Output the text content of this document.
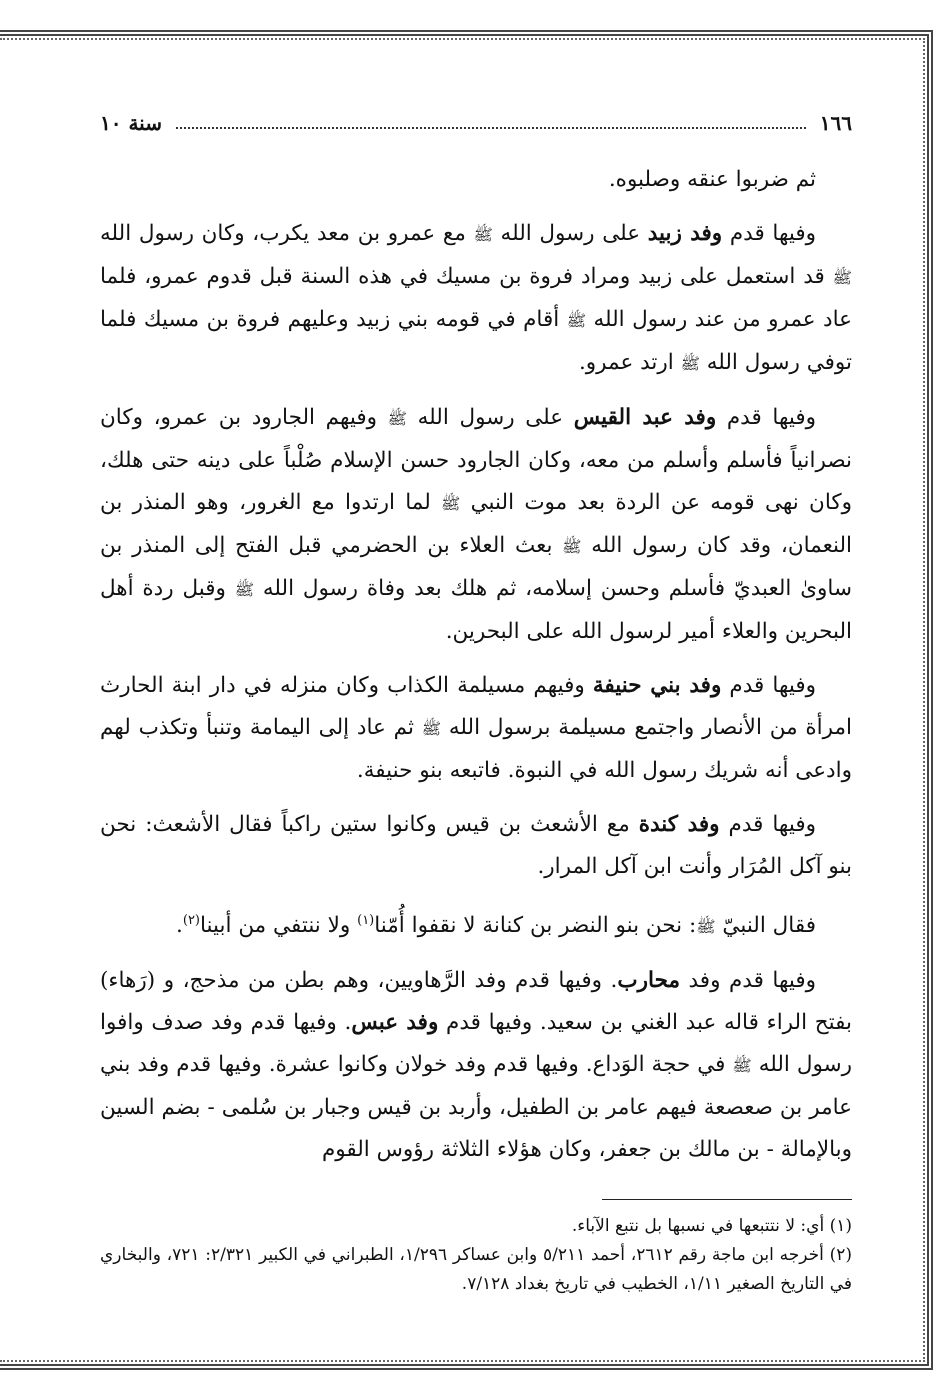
١٦٦
سنة ١٠

ثم ضربوا عنقه وصلبوه.

وفيها قدم وفد زبيد على رسول الله ﷺ مع عمرو بن معد يكرب، وكان رسول الله ﷺ قد استعمل على زبيد ومراد فروة بن مسيك في هذه السنة قبل قدوم عمرو، فلما عاد عمرو من عند رسول الله ﷺ أقام في قومه بني زبيد وعليهم فروة بن مسيك فلما توفي رسول الله ﷺ ارتد عمرو.

وفيها قدم وفد عبد القيس على رسول الله ﷺ وفيهم الجارود بن عمرو، وكان نصرانياً فأسلم وأسلم من معه، وكان الجارود حسن الإسلام صُلْباً على دينه حتى هلك، وكان نهى قومه عن الردة بعد موت النبي ﷺ لما ارتدوا مع الغرور، وهو المنذر بن النعمان، وقد كان رسول الله ﷺ بعث العلاء بن الحضرمي قبل الفتح إلى المنذر بن ساوىٰ العبديّ فأسلم وحسن إسلامه، ثم هلك بعد وفاة رسول الله ﷺ وقبل ردة أهل البحرين والعلاء أمير لرسول الله على البحرين.

وفيها قدم وفد بني حنيفة وفيهم مسيلمة الكذاب وكان منزله في دار ابنة الحارث امرأة من الأنصار واجتمع مسيلمة برسول الله ﷺ ثم عاد إلى اليمامة وتنبأ وتكذب لهم وادعى أنه شريك رسول الله في النبوة. فاتبعه بنو حنيفة.

وفيها قدم وفد كندة مع الأشعث بن قيس وكانوا ستين راكباً فقال الأشعث: نحن بنو آكل المُرَار وأنت ابن آكل المرار.

فقال النبيّ ﷺ: نحن بنو النضر بن كنانة لا نقفوا أُمّنا$^{(١)}$ ولا ننتفي من أبينا$^{(٢)}$.

وفيها قدم وفد محارب. وفيها قدم وفد الرَّهاويين، وهم بطن من مذحج، و (رَهاء) بفتح الراء قاله عبد الغني بن سعيد. وفيها قدم وفد عبس. وفيها قدم وفد صدف وافوا رسول الله ﷺ في حجة الوَداع. وفيها قدم وفد خولان وكانوا عشرة. وفيها قدم وفد بني عامر بن صعصعة فيهم عامر بن الطفيل، وأربد بن قيس وجبار بن سُلمى - بضم السين وبالإمالة - بن مالك بن جعفر، وكان هؤلاء الثلاثة رؤوس القوم

(١) أي: لا نتتبعها في نسبها بل نتبع الآباء.

(٢) أخرجه ابن ماجة رقم ٢٦١٢، أحمد ٥/٢١١ وابن عساكر ١/٢٩٦، الطبراني في الكبير ٢/٣٢١: ٧٢١، والبخاري في التاريخ الصغير ١/١١، الخطيب في تاريخ بغداد ٧/١٢٨.
